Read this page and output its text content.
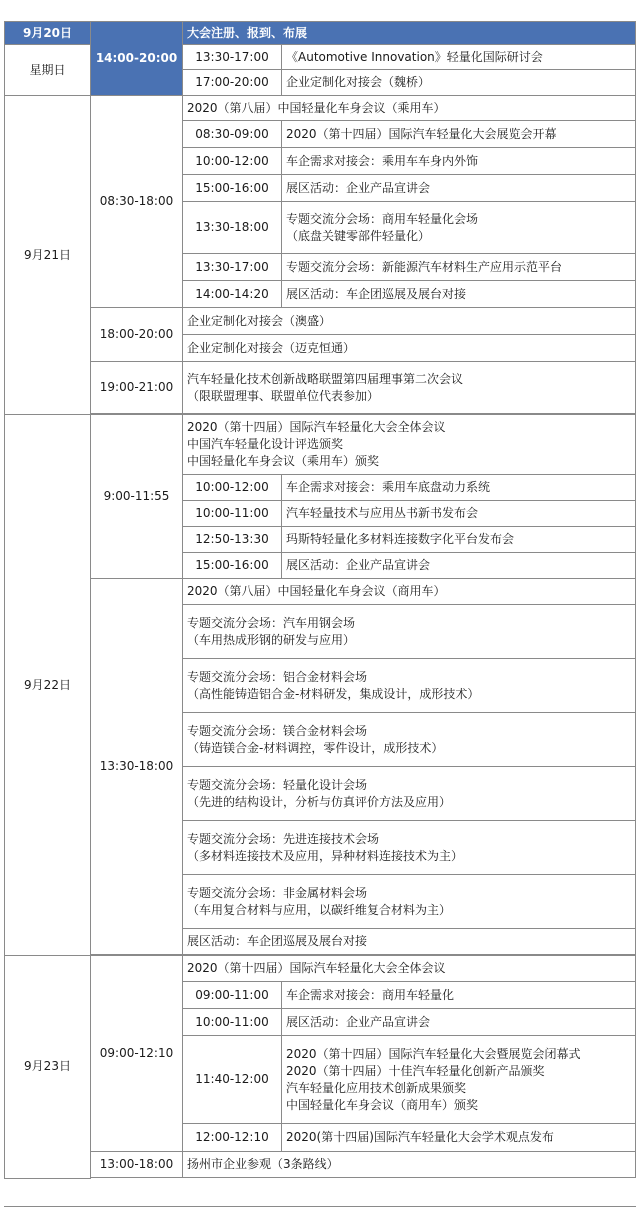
9月20日	14:00-20:00	大会注册、报到、布展	
星期日		13:30-17:00	《Automotive Innovation》轻量化国际研讨会
		17:00-20:00	企业定制化对接会（魏桥）
9月21日	08:30-18:00	2020（第八届）中国轻量化车身会议（乘用车）	
		08:30-09:00	2020（第十四届）国际汽车轻量化大会展览会开幕
		10:00-12:00	车企需求对接会：乘用车车身内外饰
		15:00-16:00	展区活动：企业产品宣讲会
		13:30-18:00	专题交流分会场：商用车轻量化会场
（底盘关键零部件轻量化）

		13:30-17:00	专题交流分会场：新能源汽车材料生产应用示范平台
		14:00-14:20	展区活动：车企团巡展及展台对接
	18:00-20:00	企业定制化对接会（澳盛）	
		企业定制化对接会（迈克恒通）	
	19:00-21:00	汽车轻量化技术创新战略联盟第四届理事第二次会议
（限联盟理事、联盟单位代表参加）	

9月22日	9:00-11:55	2020（第十四届）国际汽车轻量化大会全体会议
中国汽车轻量化设计评选颁奖
中国轻量化车身会议（乘用车）颁奖	

		10:00-12:00	车企需求对接会：乘用车底盘动力系统
		10:00-11:00	汽车轻量技术与应用丛书新书发布会
		12:50-13:30	玛斯特轻量化多材料连接数字化平台发布会
		15:00-16:00	展区活动：企业产品宣讲会
	13:30-18:00	2020（第八届）中国轻量化车身会议（商用车）	

		专题交流分会场：汽车用钢会场
（车用热成形钢的研发与应用）	

		专题交流分会场：铝合金材料会场
（高性能铸造铝合金-材料研发，集成设计，成形技术）	

		专题交流分会场：镁合金材料会场
（铸造镁合金-材料调控，零件设计，成形技术）	

		专题交流分会场：轻量化设计会场
（先进的结构设计，分析与仿真评价方法及应用）	

		专题交流分会场：先进连接技术会场
（多材料连接技术及应用，异种材料连接技术为主）	

		专题交流分会场：非金属材料会场
（车用复合材料与应用，以碳纤维复合材料为主）	

		展区活动：车企团巡展及展台对接	

9月23日	09:00-12:10	2020（第十四届）国际汽车轻量化大会全体会议	
		09:00-11:00	车企需求对接会：商用车轻量化
		10:00-11:00	展区活动：企业产品宣讲会
		11:40-12:00	2020（第十四届）国际汽车轻量化大会暨展览会闭幕式
2020（第十四届）十佳汽车轻量化创新产品颁奖
汽车轻量化应用技术创新成果颁奖
中国轻量化车身会议（商用车）颁奖

		12:00-12:10	2020(第十四届)国际汽车轻量化大会学术观点发布
	13:00-18:00	扬州市企业参观（3条路线）	
